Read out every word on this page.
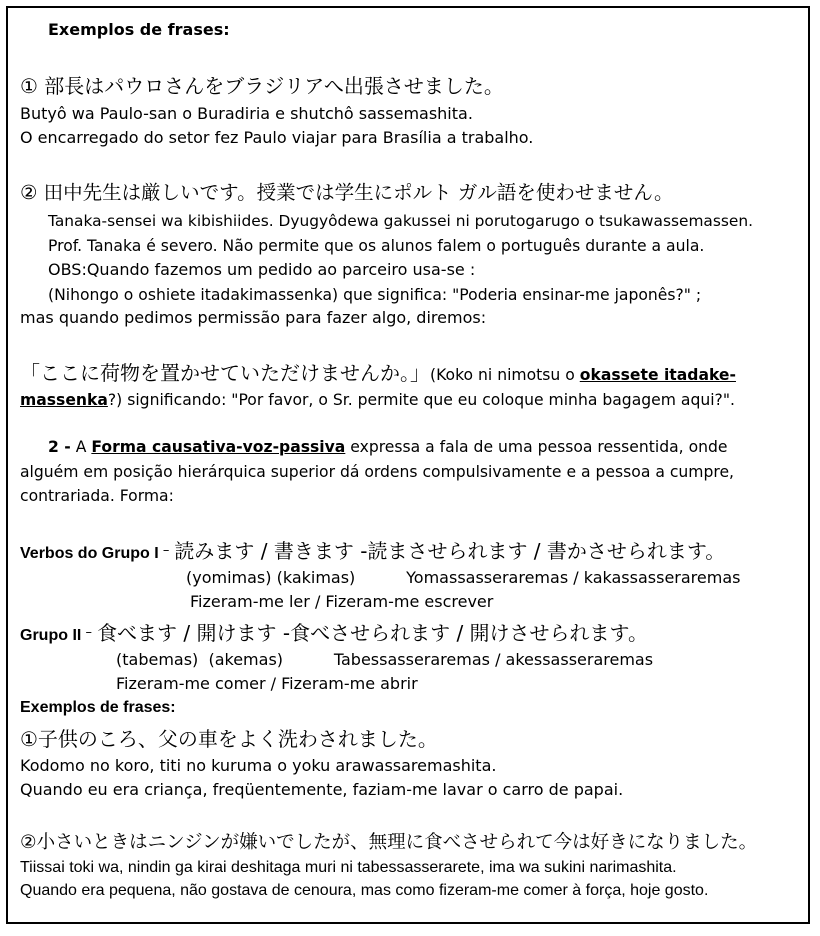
Exemplos de frases:
① 部長はパウロさんをブラジリアへ出張させました。
Butyô wa Paulo-san o Buradiria e shutchô sassemashita.
O encarregado do setor fez Paulo viajar para Brasília a trabalho.
② 田中先生は厳しいです。授業では学生にポルト ガル語を使わせません。
Tanaka-sensei wa kibishiides. Dyugyôdewa gakussei ni porutogarugo o tsukawassemassen.
Prof. Tanaka é severo. Não permite que os alunos falem o português durante a aula.
OBS:Quando fazemos um pedido ao parceiro usa-se :
(Nihongo o oshiete itadakimassenka) que significa: "Poderia ensinar-me japonês?" ;
mas quando pedimos permissão para fazer algo, diremos:
「ここに荷物を置かせていただけませんか。」(Koko ni nimotsu o okassete itadake-
massenka?) significando: "Por favor, o Sr. permite que eu coloque minha bagagem aqui?".
2 - A Forma causativa-voz-passiva expressa a fala de uma pessoa ressentida, onde
alguém em posição hierárquica superior dá ordens compulsivamente e a pessoa a cumpre,
contrariada. Forma:
Verbos do Grupo I – 読みます / 書きます -読まさせられます / 書かさせられます。
(yomimas) (kakimas)          Yomassasseraremas / kakassasseraremas
Fizeram-me ler / Fizeram-me escrever
Grupo II – 食べます / 開けます -食べさせられます / 開けさせられます。
(tabemas)  (akemas)          Tabessasseraremas / akessasseraremas
Fizeram-me comer / Fizeram-me abrir
Exemplos de frases:
①子供のころ、父の車をよく洗わされました。
Kodomo no koro, titi no kuruma o yoku arawassaremashita.
Quando eu era criança, freqüentemente, faziam-me lavar o carro de papai.
②小さいときはニンジンが嫌いでしたが、無理に食べさせられて今は好きになりました。
Tiissai toki wa, nindin ga kirai deshitaga muri ni tabessasserarete, ima wa sukini narimashita.
Quando era pequena, não gostava de cenoura, mas como fizeram-me comer à força, hoje gosto.
